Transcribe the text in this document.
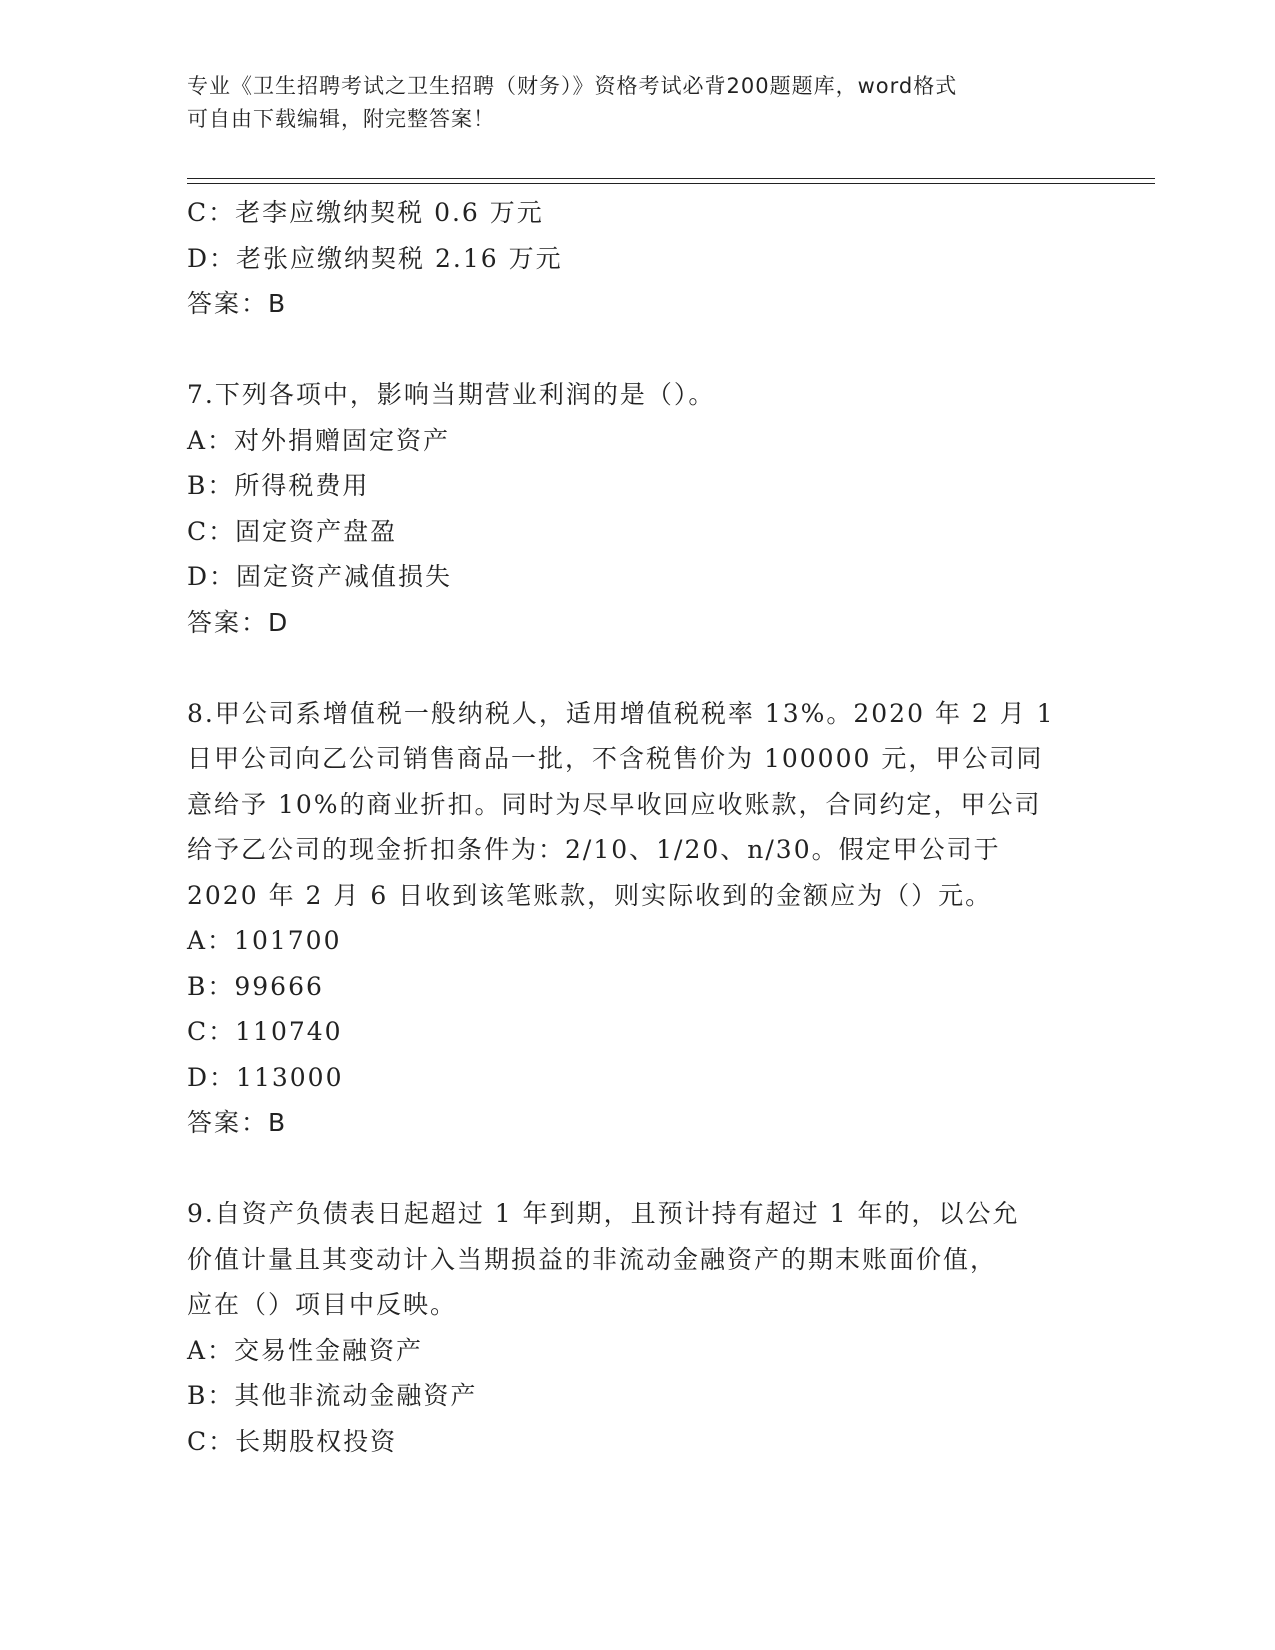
专业《卫生招聘考试之卫生招聘（财务）》资格考试必背200题题库，word格式
可自由下载编辑，附完整答案！
C：老李应缴纳契税 0.6 万元
D：老张应缴纳契税 2.16 万元
答案：B
7.下列各项中，影响当期营业利润的是（）。
A：对外捐赠固定资产
B：所得税费用
C：固定资产盘盈
D：固定资产减值损失
答案：D
8.甲公司系增值税一般纳税人，适用增值税税率 13%。2020 年 2 月 1
日甲公司向乙公司销售商品一批，不含税售价为 100000 元，甲公司同
意给予 10%的商业折扣。同时为尽早收回应收账款，合同约定，甲公司
给予乙公司的现金折扣条件为：2/10、1/20、n/30。假定甲公司于
2020 年 2 月 6 日收到该笔账款，则实际收到的金额应为（）元。
A：101700
B：99666
C：110740
D：113000
答案：B
9.自资产负债表日起超过 1 年到期，且预计持有超过 1 年的，以公允
价值计量且其变动计入当期损益的非流动金融资产的期末账面价值，
应在（）项目中反映。
A：交易性金融资产
B：其他非流动金融资产
C：长期股权投资
